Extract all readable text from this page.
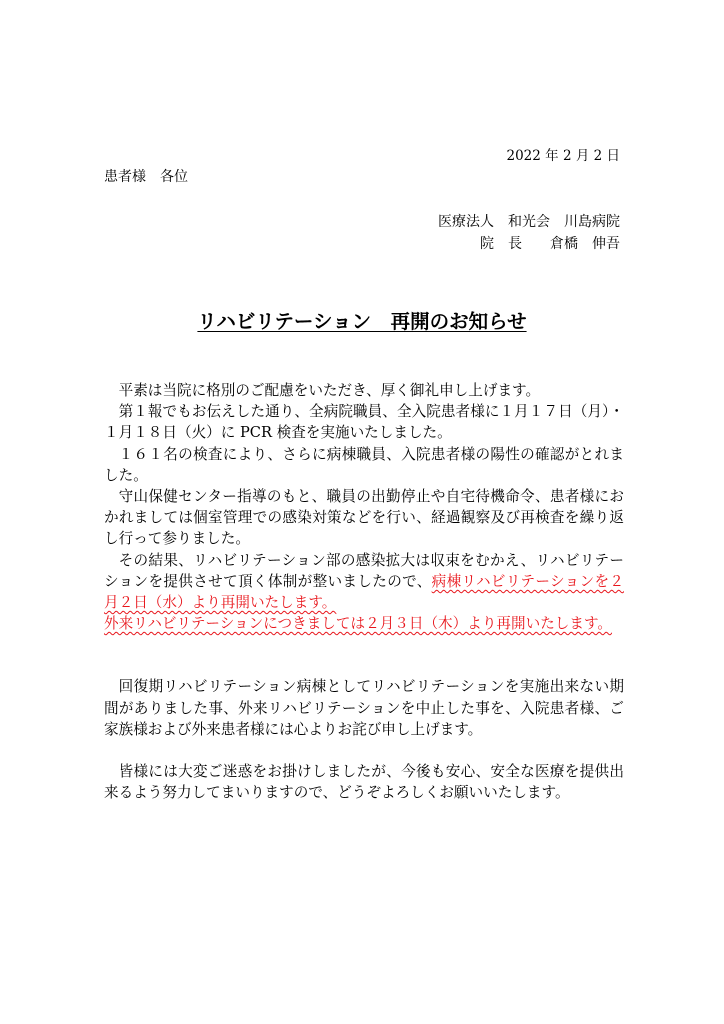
2022 年 2 月 2 日
患者様　各位
医療法人　和光会　川島病院
院　長　　倉橋　伸吾
リハビリテーション　再開のお知らせ

平素は当院に格別のご配慮をいただき、厚く御礼申し上げます。

第１報でもお伝えした通り、全病院職員、全入院患者様に１月１７日（月）・１月１８日（火）に PCR 検査を実施いたしました。

１６１名の検査により、さらに病棟職員、入院患者様の陽性の確認がとれました。

守山保健センター指導のもと、職員の出勤停止や自宅待機命令、患者様におかれましては個室管理での感染対策などを行い、経過観察及び再検査を繰り返し行って参りました。

その結果、リハビリテーション部の感染拡大は収束をむかえ、リハビリテーションを提供させて頂く体制が整いましたので、病棟リハビリテーションを２月２日（水）より再開いたします。

外来リハビリテーションにつきましては２月３日（木）より再開いたします。

回復期リハビリテーション病棟としてリハビリテーションを実施出来ない期間がありました事、外来リハビリテーションを中止した事を、入院患者様、ご家族様および外来患者様には心よりお詫び申し上げます。

皆様には大変ご迷惑をお掛けしましたが、今後も安心、安全な医療を提供出来るよう努力してまいりますので、どうぞよろしくお願いいたします。
